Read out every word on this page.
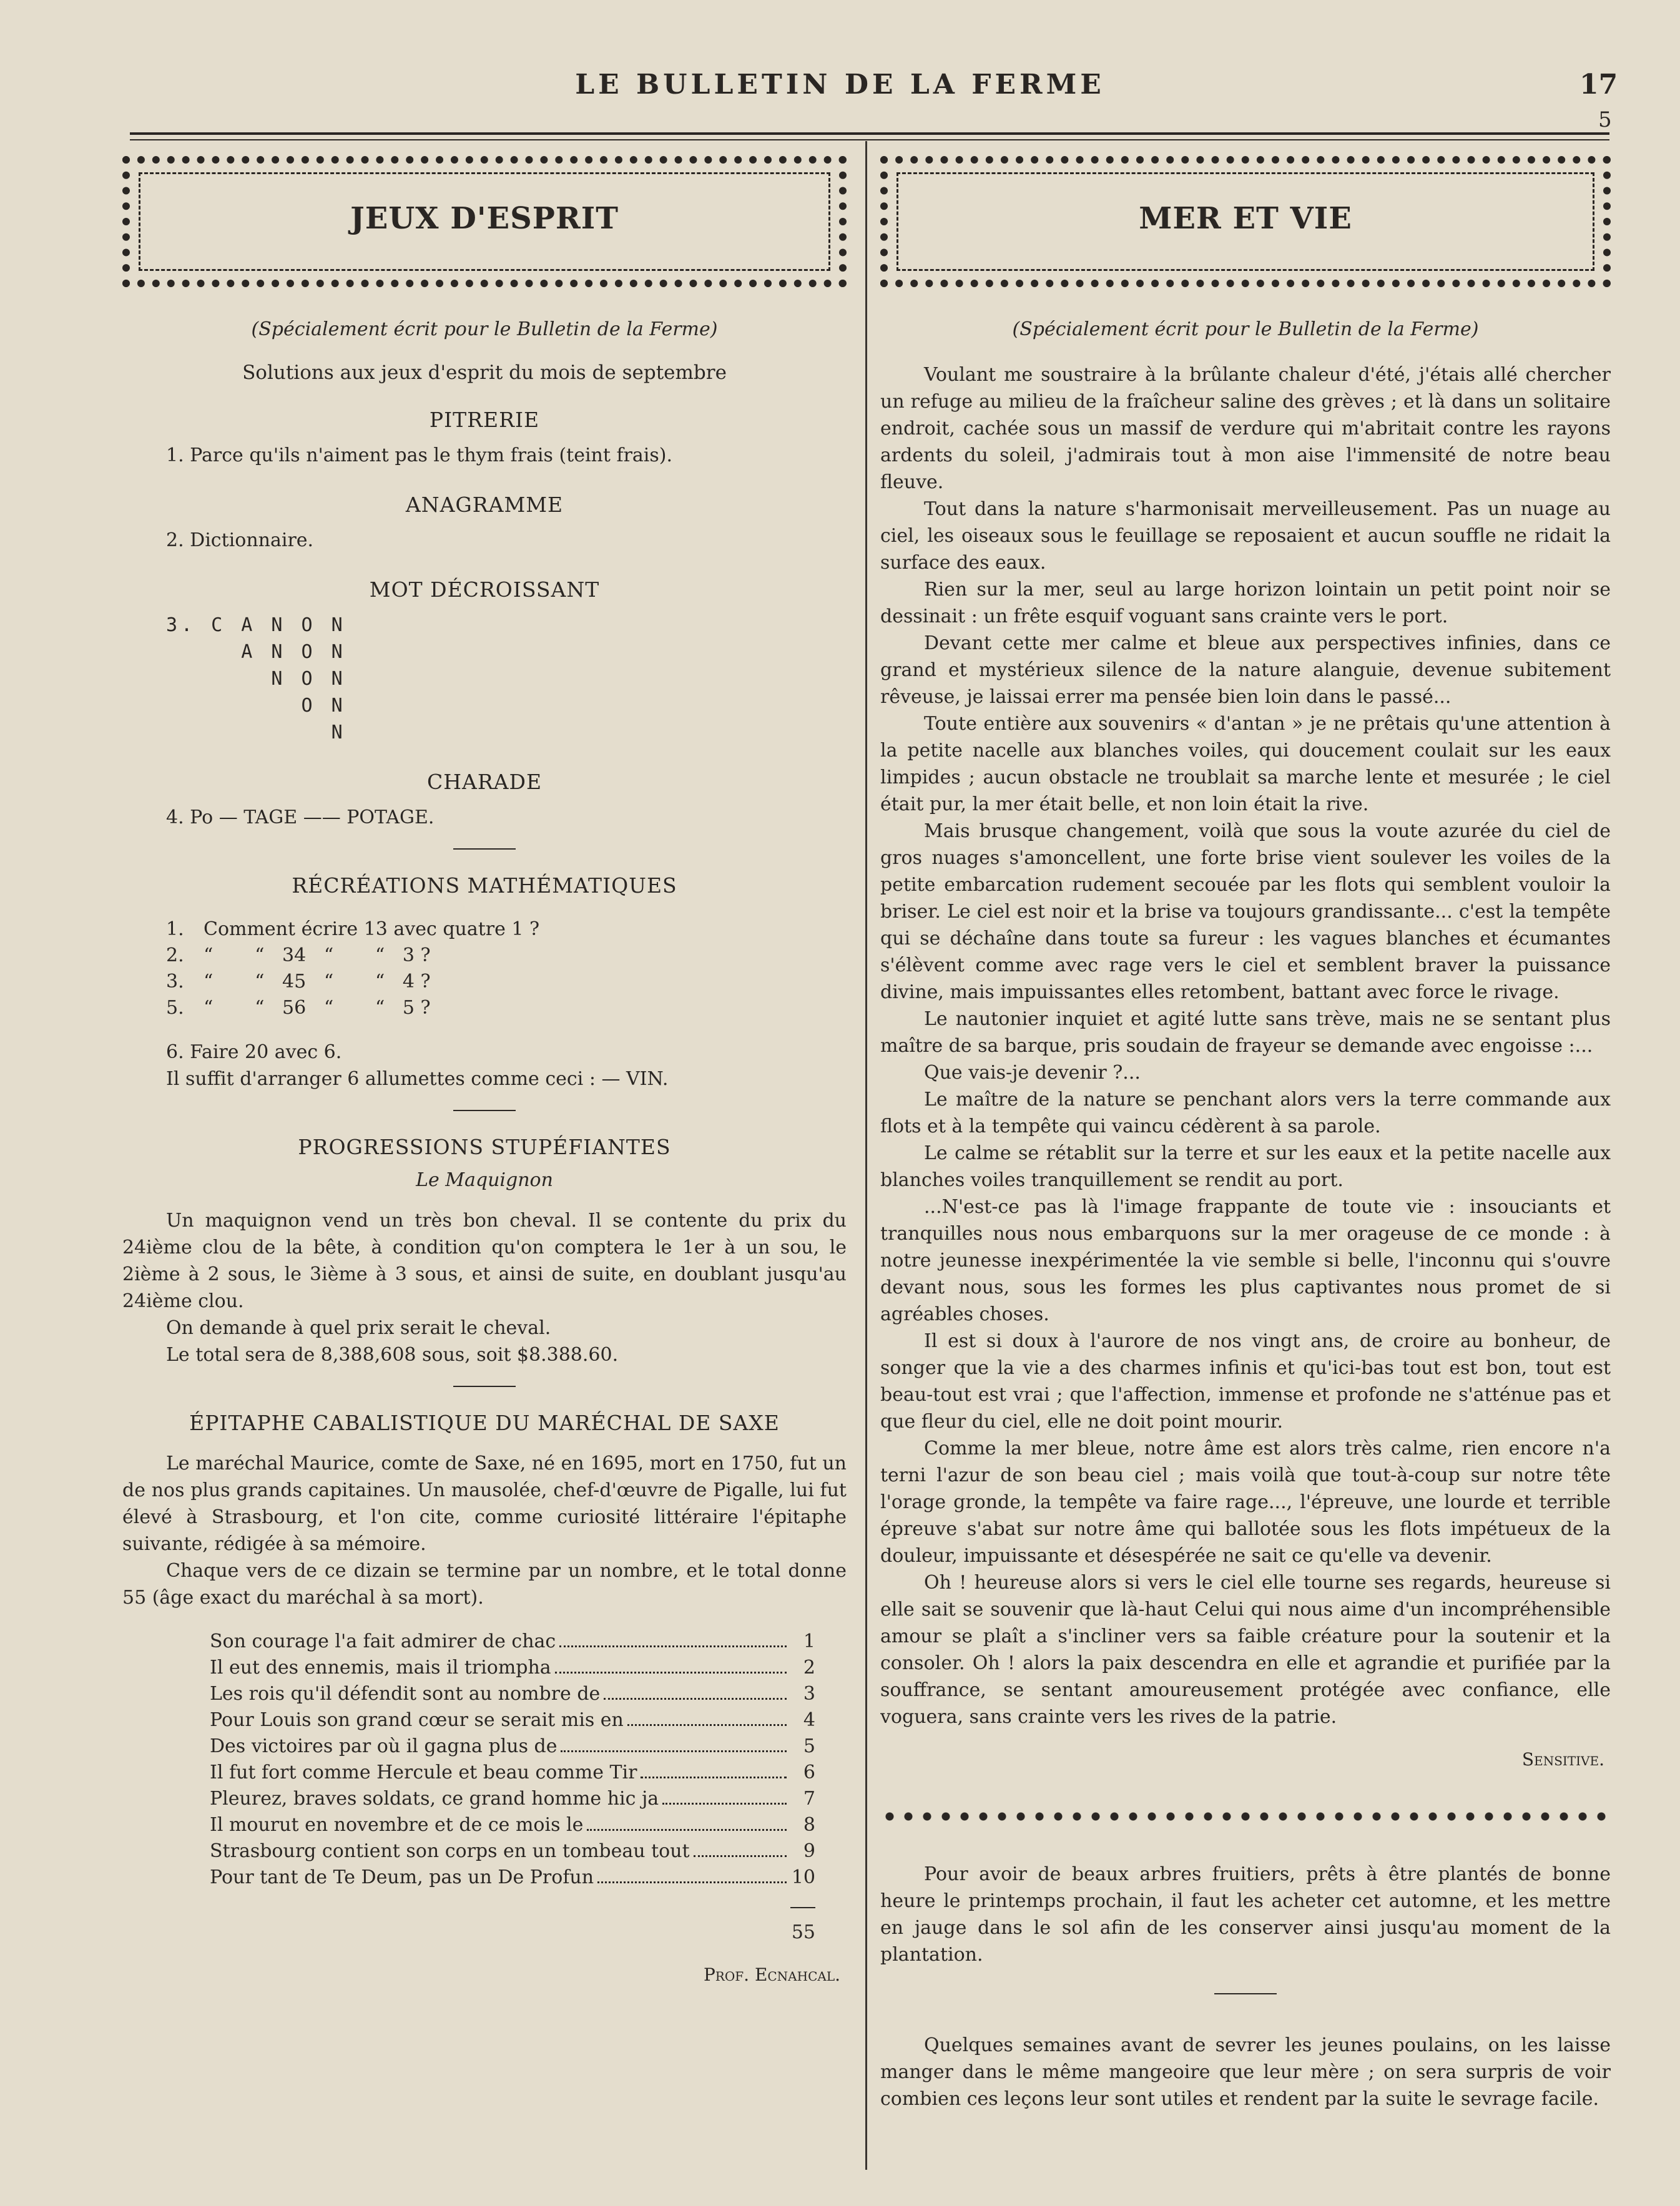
LE BULLETIN DE LA FERME	17
5
JEUX D'ESPRIT

(Spécialement écrit pour le Bulletin de la Ferme)

Solutions aux jeux d'esprit du mois de septembre

PITRERIE

1. Parce qu'ils n'aiment pas le thym frais (teint frais).

ANAGRAMME

2. Dictionnaire.

MOT DÉCROISSANT
3. C A N O N
A N O N
N O N
O N
N
CHARADE

4. Po — TAGE —— POTAGE.

RÉCRÉATIONS MATHÉMATIQUES
1.	Comment écrire 13 avec quatre 1 ?
2.	“       “   34   “       “   3 ?
3.	“       “   45   “       “   4 ?
5.	“       “   56   “       “   5 ?

6. Faire 20 avec 6.

Il suffit d'arranger 6 allumettes comme ceci : — VIN.

PROGRESSIONS STUPÉFIANTES

Le Maquignon

Un maquignon vend un très bon cheval. Il se contente du prix du 24ième clou de la bête, à condition qu'on comptera le 1er à un sou, le 2ième à 2 sous, le 3ième à 3 sous, et ainsi de suite, en doublant jusqu'au 24ième clou.

On demande à quel prix serait le cheval.

Le total sera de 8,388,608 sous, soit $8.388.60.

ÉPITAPHE CABALISTIQUE DU MARÉCHAL DE SAXE

Le maréchal Maurice, comte de Saxe, né en 1695, mort en 1750, fut un de nos plus grands capitaines. Un mausolée, chef-d'œuvre de Pigalle, lui fut élevé à Strasbourg, et l'on cite, comme curiosité littéraire l'épitaphe suivante, rédigée à sa mémoire.

Chaque vers de ce dizain se termine par un nombre, et le total donne 55 (âge exact du maréchal à sa mort).

Son courage l'a fait admirer de chac	1
Il eut des ennemis, mais il triompha	2
Les rois qu'il défendit sont au nombre de	3
Pour Louis son grand cœur se serait mis en	4
Des victoires par où il gagna plus de	5
Il fut fort comme Hercule et beau comme Tir	6
Pleurez, braves soldats, ce grand homme hic ja	7
Il mourut en novembre et de ce mois le	8
Strasbourg contient son corps en un tombeau tout	9
Pour tant de Te Deum, pas un De Profun	10
55
Prof. Ecnahcal.
MER ET VIE

(Spécialement écrit pour le Bulletin de la Ferme)

Voulant me soustraire à la brûlante chaleur d'été, j'étais allé chercher un refuge au milieu de la fraîcheur saline des grèves ; et là dans un solitaire endroit, cachée sous un massif de verdure qui m'abritait contre les rayons ardents du soleil, j'admirais tout à mon aise l'immensité de notre beau fleuve.

Tout dans la nature s'harmonisait merveilleusement. Pas un nuage au ciel, les oiseaux sous le feuillage se reposaient et aucun souffle ne ridait la surface des eaux.

Rien sur la mer, seul au large horizon lointain un petit point noir se dessinait : un frête esquif voguant sans crainte vers le port.

Devant cette mer calme et bleue aux perspectives infinies, dans ce grand et mystérieux silence de la nature alanguie, devenue subitement rêveuse, je laissai errer ma pensée bien loin dans le passé...

Toute entière aux souvenirs « d'antan » je ne prêtais qu'une attention à la petite nacelle aux blanches voiles, qui doucement coulait sur les eaux limpides ; aucun obstacle ne troublait sa marche lente et mesurée ; le ciel était pur, la mer était belle, et non loin était la rive.

Mais brusque changement, voilà que sous la voute azurée du ciel de gros nuages s'amoncellent, une forte brise vient soulever les voiles de la petite embarcation rudement secouée par les flots qui semblent vouloir la briser. Le ciel est noir et la brise va toujours grandissante... c'est la tempête qui se déchaîne dans toute sa fureur : les vagues blanches et écumantes s'élèvent comme avec rage vers le ciel et semblent braver la puissance divine, mais impuissantes elles retombent, battant avec force le rivage.

Le nautonier inquiet et agité lutte sans trève, mais ne se sentant plus maître de sa barque, pris soudain de frayeur se demande avec engoisse :...

Que vais-je devenir ?...

Le maître de la nature se penchant alors vers la terre commande aux flots et à la tempête qui vaincu cédèrent à sa parole.

Le calme se rétablit sur la terre et sur les eaux et la petite nacelle aux blanches voiles tranquillement se rendit au port.

...N'est-ce pas là l'image frappante de toute vie : insouciants et tranquilles nous nous embarquons sur la mer orageuse de ce monde : à notre jeunesse inexpérimentée la vie semble si belle, l'inconnu qui s'ouvre devant nous, sous les formes les plus captivantes nous promet de si agréables choses.

Il est si doux à l'aurore de nos vingt ans, de croire au bonheur, de songer que la vie a des charmes infinis et qu'ici-bas tout est bon, tout est beau-tout est vrai ; que l'affection, immense et profonde ne s'atténue pas et que fleur du ciel, elle ne doit point mourir.

Comme la mer bleue, notre âme est alors très calme, rien encore n'a terni l'azur de son beau ciel ; mais voilà que tout-à-coup sur notre tête l'orage gronde, la tempête va faire rage..., l'épreuve, une lourde et terrible épreuve s'abat sur notre âme qui ballotée sous les flots impétueux de la douleur, impuissante et désespérée ne sait ce qu'elle va devenir.

Oh ! heureuse alors si vers le ciel elle tourne ses regards, heureuse si elle sait se souvenir que là-haut Celui qui nous aime d'un incompréhensible amour se plaît a s'incliner vers sa faible créature pour la soutenir et la consoler. Oh ! alors la paix descendra en elle et agrandie et purifiée par la souffrance, se sentant amoureusement protégée avec confiance, elle voguera, sans crainte vers les rives de la patrie.

Sensitive.

Pour avoir de beaux arbres fruitiers, prêts à être plantés de bonne heure le printemps prochain, il faut les acheter cet automne, et les mettre en jauge dans le sol afin de les conserver ainsi jusqu'au moment de la plantation.

Quelques semaines avant de sevrer les jeunes poulains, on les laisse manger dans le même mangeoire que leur mère ; on sera surpris de voir combien ces leçons leur sont utiles et rendent par la suite le sevrage facile.
